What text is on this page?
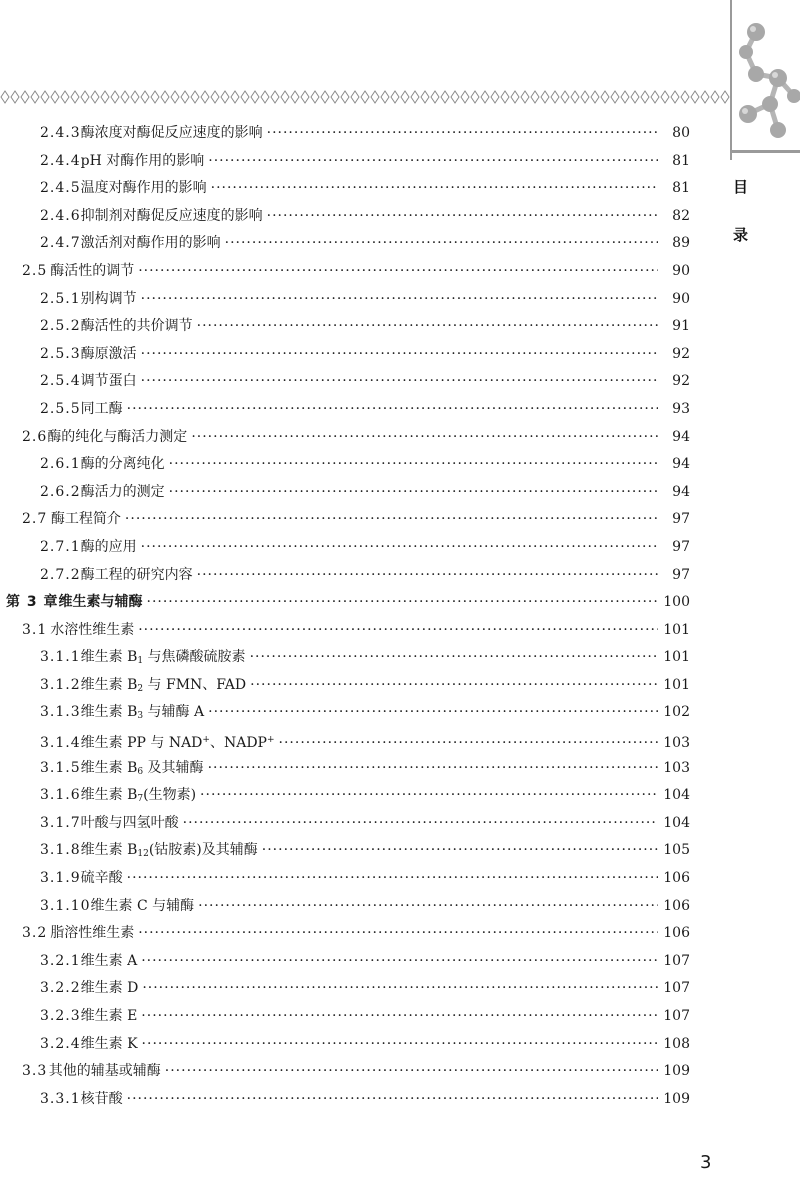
目
录
2.4.3 酶浓度对酶促反应速度的影响 ·····	80
2.4.4 pH 对酶作用的影响 ·····	81
2.4.5 温度对酶作用的影响 ·····	81
2.4.6 抑制剂对酶促反应速度的影响 ·····	82
2.4.7 激活剂对酶作用的影响 ·····	89
2.5 酶活性的调节 ·····	90
2.5.1 别构调节 ·····	90
2.5.2 酶活性的共价调节 ·····	91
2.5.3 酶原激活 ·····	92
2.5.4 调节蛋白 ·····	92
2.5.5 同工酶 ·····	93
2.6 酶的纯化与酶活力测定 ·····	94
2.6.1 酶的分离纯化 ·····	94
2.6.2 酶活力的测定 ·····	94
2.7 酶工程简介 ·····	97
2.7.1 酶的应用 ·····	97
2.7.2 酶工程的研究内容 ·····	97
第 3 章 维生素与辅酶 ·····	100
3.1 水溶性维生素 ·····	101
3.1.1 维生素 $B_1$ 与焦磷酸硫胺素 ·····	101
3.1.2 维生素 $B_2$ 与 FMN、FAD ·····	101
3.1.3 维生素 $B_3$ 与辅酶 A ·····	102
3.1.4 维生素 PP 与 NAD+、NADP+ ·····	103
3.1.5 维生素 $B_6$ 及其辅酶 ·····	103
3.1.6 维生素 $B_7$(生物素) ·····	104
3.1.7 叶酸与四氢叶酸 ·····	104
3.1.8 维生素 $B_{12}$(钴胺素)及其辅酶 ·····	105
3.1.9 硫辛酸 ·····	106
3.1.10 维生素 C 与辅酶 ·····	106
3.2 脂溶性维生素 ·····	106
3.2.1 维生素 A ·····	107
3.2.2 维生素 D ·····	107
3.2.3 维生素 E ·····	107
3.2.4 维生素 K ·····	108
3.3 其他的辅基或辅酶 ·····	109
3.3.1 核苷酸 ·····	109
3
